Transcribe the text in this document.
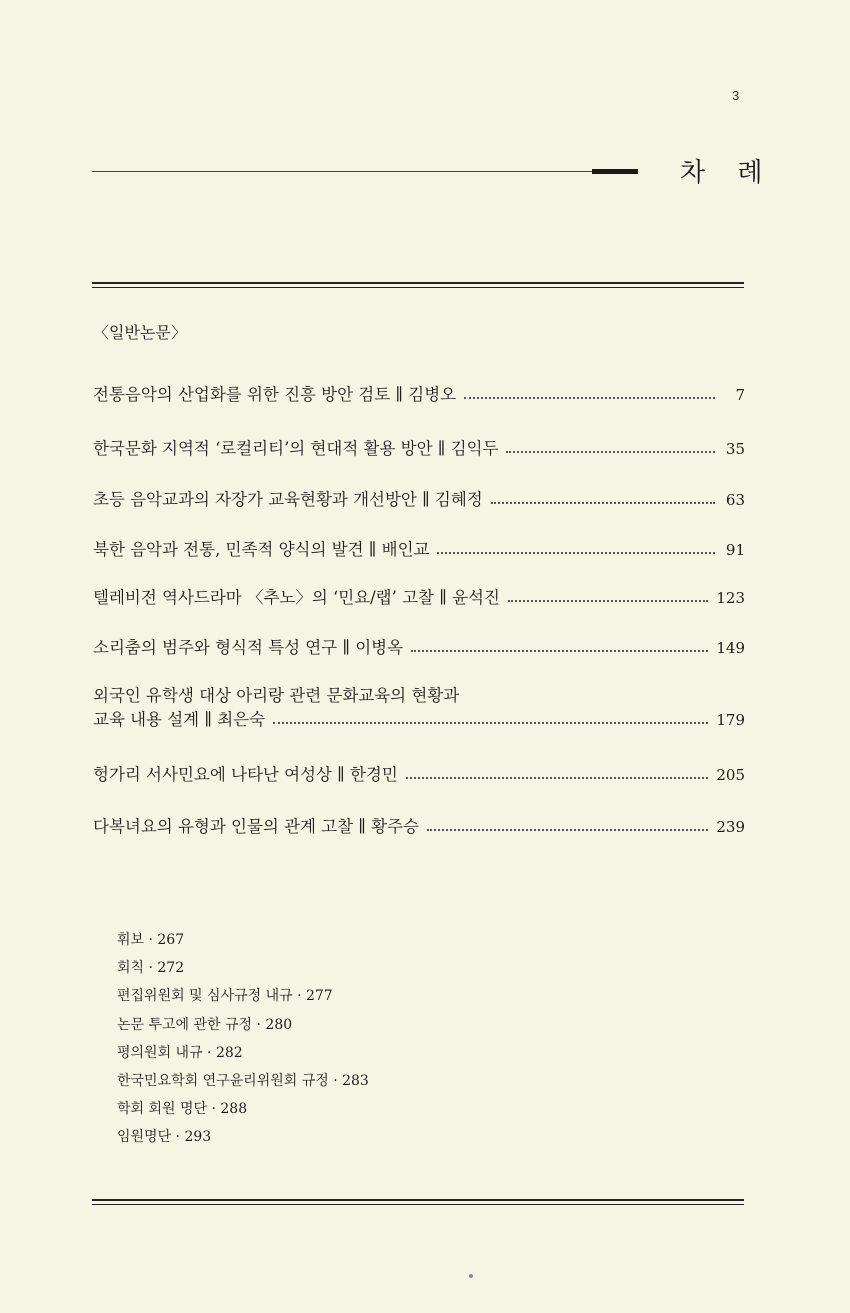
3
차 례
〈일반논문〉
전통음악의 산업화를 위한 진흥 방안 검토 ∥ 김병오	7
한국문화 지역적 ‘로컬리티’의 현대적 활용 방안 ∥ 김익두	35
초등 음악교과의 자장가 교육현황과 개선방안 ∥ 김혜정	63
북한 음악과 전통, 민족적 양식의 발견 ∥ 배인교	91
텔레비전 역사드라마 〈추노〉의 ‘민요/랩’ 고찰 ∥ 윤석진	123
소리춤의 범주와 형식적 특성 연구 ∥ 이병옥	149
외국인 유학생 대상 아리랑 관련 문화교육의 현황과
교육 내용 설계 ∥ 최은숙	179
헝가리 서사민요에 나타난 여성상 ∥ 한경민	205
다복녀요의 유형과 인물의 관계 고찰 ∥ 황주승	239
휘보 · 267
회칙 · 272
편집위원회 및 심사규정 내규 · 277
논문 투고에 관한 규정 · 280
평의원회 내규 · 282
한국민요학회 연구윤리위원회 규정 · 283
학회 회원 명단 · 288
임원명단 · 293
